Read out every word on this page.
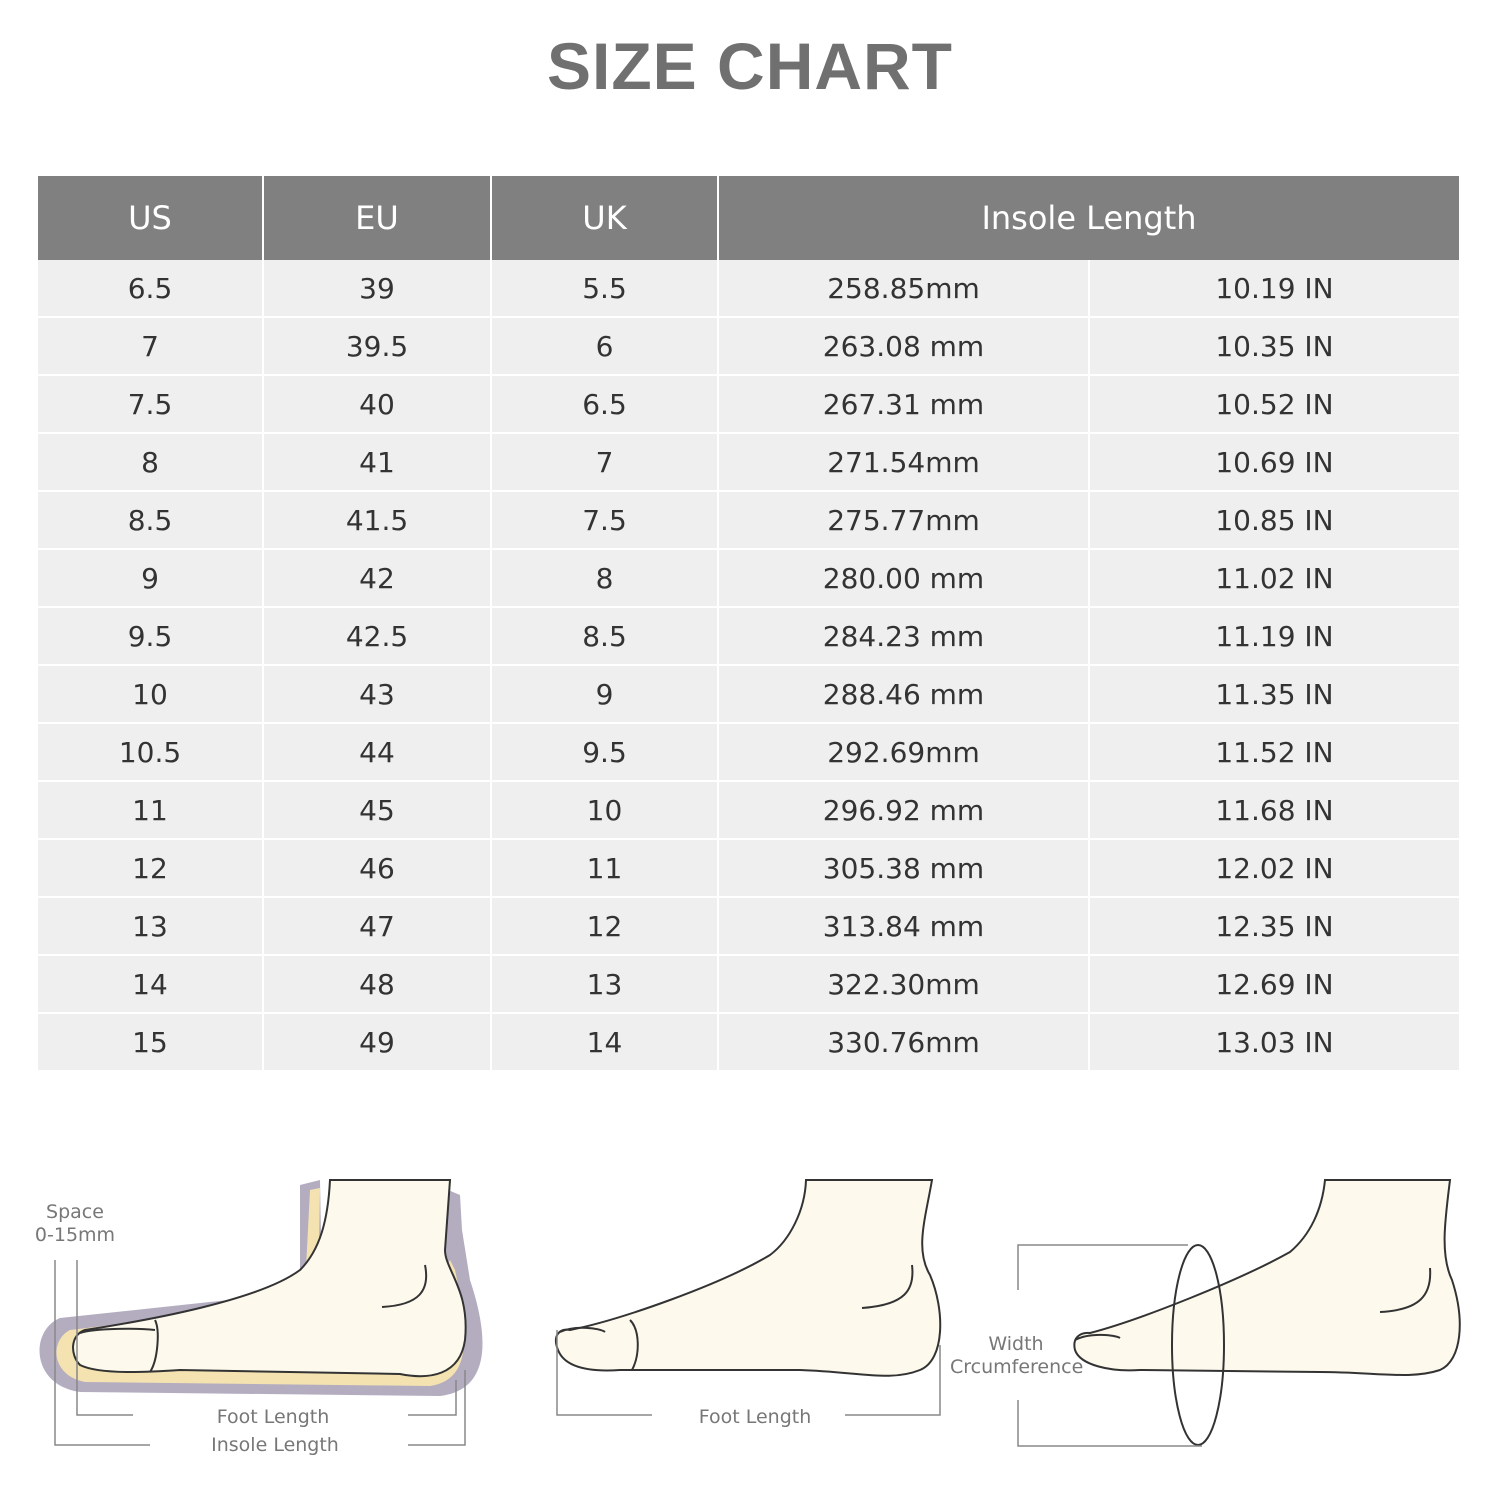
SIZE CHART
US	EU	UK	Insole Length	
6.5	39	5.5	258.85mm	10.19 IN
7	39.5	6	263.08 mm	10.35 IN
7.5	40	6.5	267.31 mm	10.52 IN
8	41	7	271.54mm	10.69 IN
8.5	41.5	7.5	275.77mm	10.85 IN
9	42	8	280.00 mm	11.02 IN
9.5	42.5	8.5	284.23 mm	11.19 IN
10	43	9	288.46 mm	11.35 IN
10.5	44	9.5	292.69mm	11.52 IN
11	45	10	296.92 mm	11.68 IN
12	46	11	305.38 mm	12.02 IN
13	47	12	313.84 mm	12.35 IN
14	48	13	322.30mm	12.69 IN
15	49	14	330.76mm	13.03 IN
Space
0-15mm
Foot Length
Insole Length
Foot Length
Width
Crcumference
